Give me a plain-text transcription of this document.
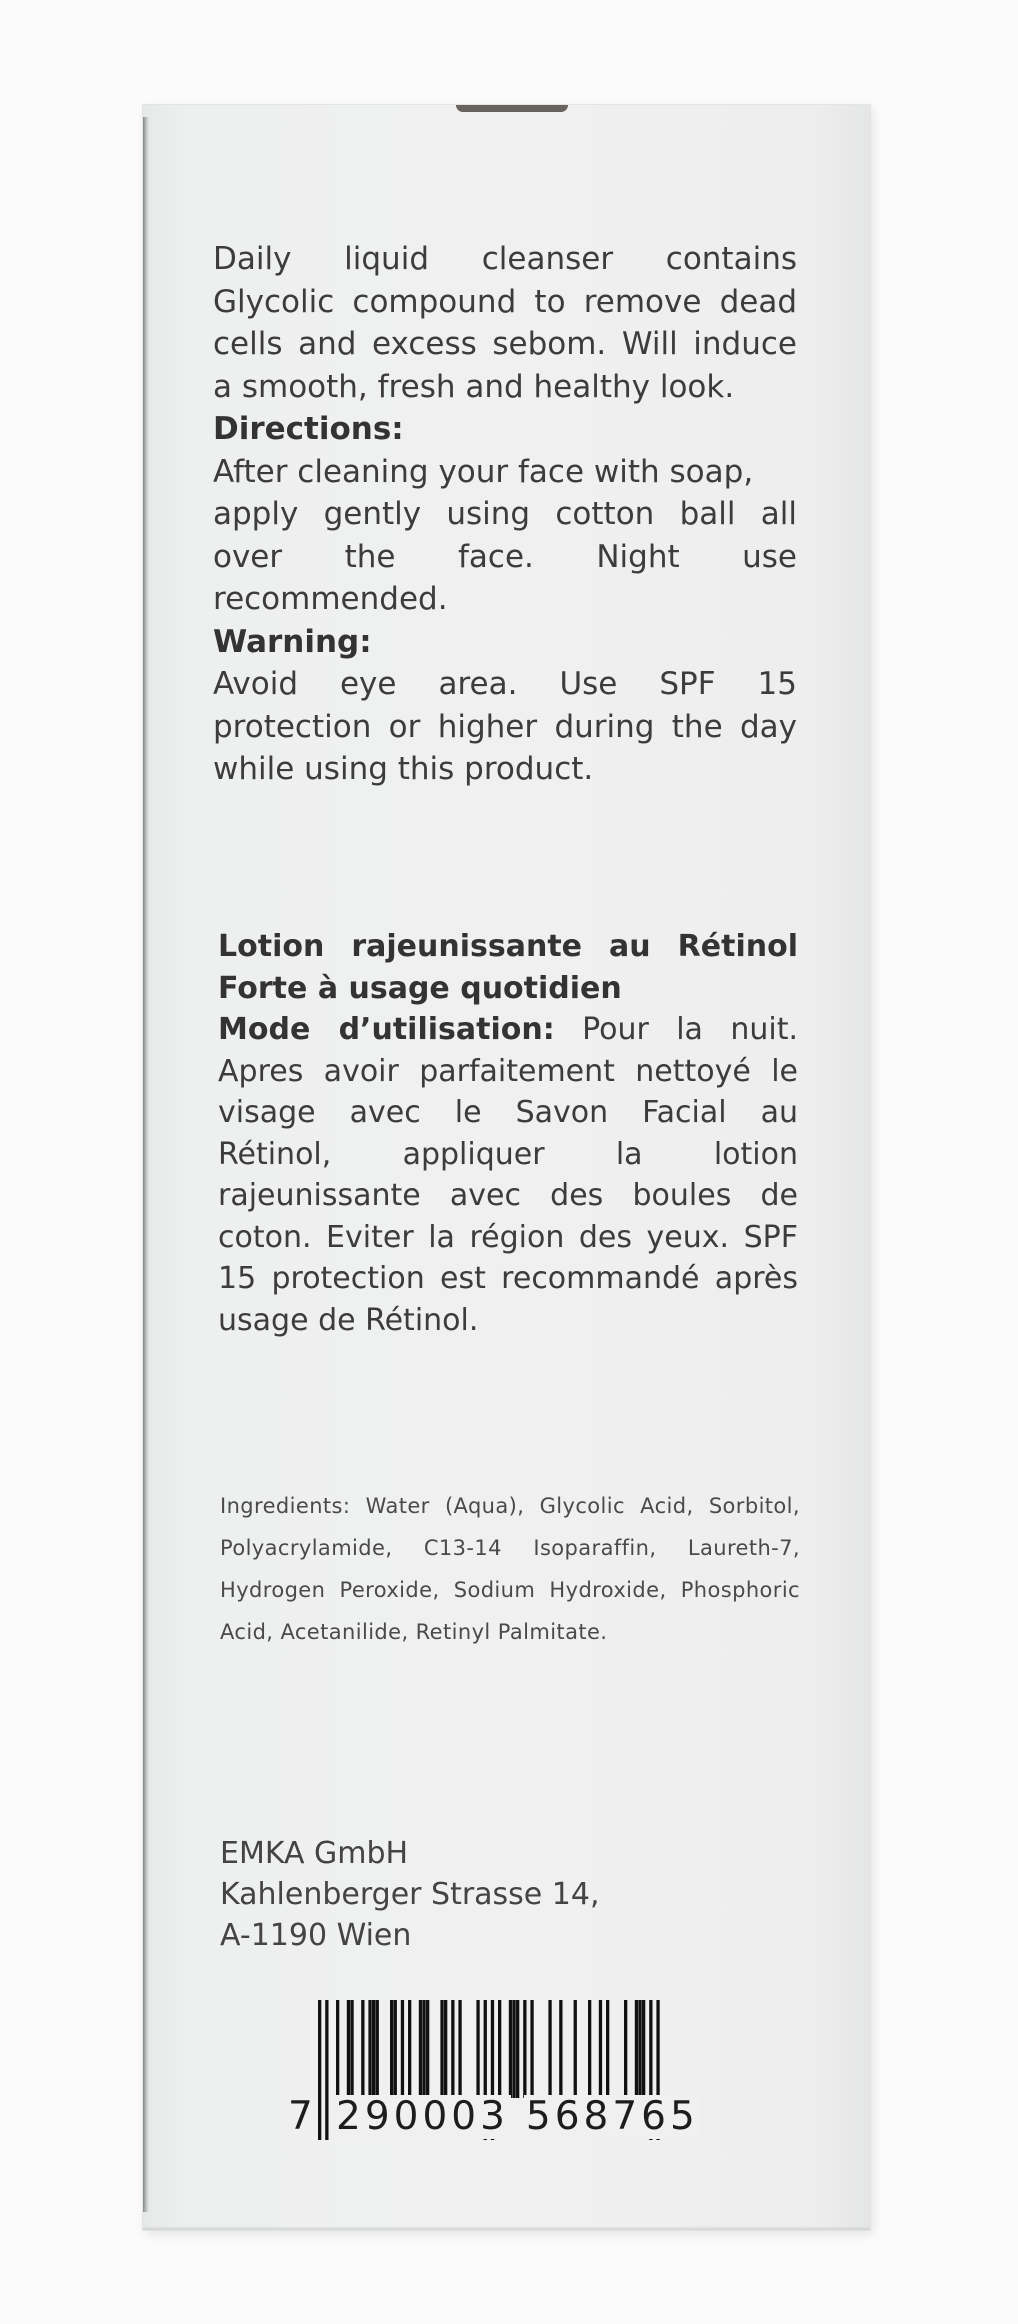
Daily liquid cleanser contains Glycolic compound to remove dead cells and excess sebom. Will induce a smooth, fresh and healthy look.

Directions:

After cleaning your face with soap,

apply gently using cotton ball all over the face. Night use recommended.

Warning:

Avoid eye area. Use SPF 15 protection or higher during the day while using this product.

Lotion rajeunissante au Rétinol Forte à usage quotidien

Mode d’utilisation: Pour la nuit. Apres avoir parfaitement nettoyé le visage avec le Savon Facial au Rétinol, appliquer la lotion rajeunissante avec des boules de coton. Eviter la région des yeux. SPF 15 protection est recommandé après usage de Rétinol.

Ingredients: Water (Aqua), Glycolic Acid, Sorbitol, Polyacrylamide, C13-14 Isoparaffin, Laureth-7, Hydrogen Peroxide, Sodium Hydroxide, Phosphoric Acid, Acetanilide, Retinyl Palmitate.
EMKA GmbH
Kahlenberger Strasse 14,
A-1190 Wien
7 290003 568765
